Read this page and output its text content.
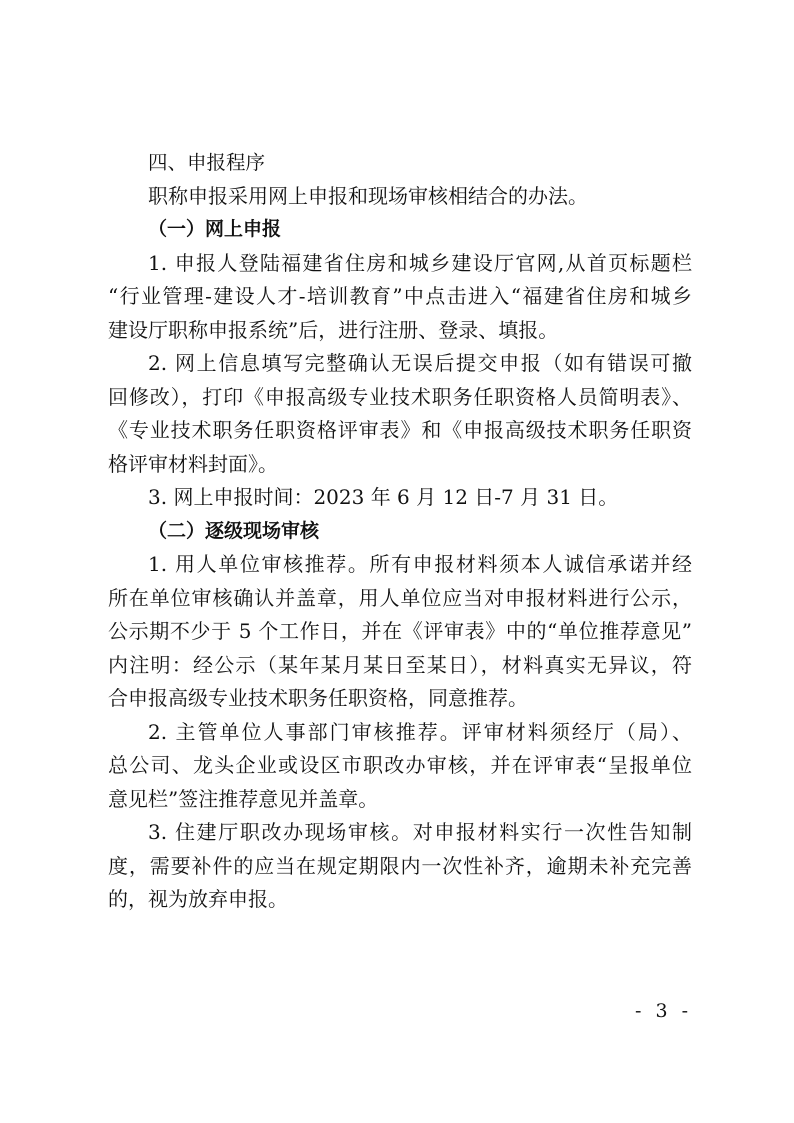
四、申报程序
职称申报采用网上申报和现场审核相结合的办法。
（一）网上申报
1. 申报人登陆福建省住房和城乡建设厅官网,从首页标题栏
“行业管理-建设人才-培训教育”中点击进入“福建省住房和城乡
建设厅职称申报系统”后，进行注册、登录、填报。
2. 网上信息填写完整确认无误后提交申报（如有错误可撤
回修改），打印《申报高级专业技术职务任职资格人员简明表》、
《专业技术职务任职资格评审表》和《申报高级技术职务任职资
格评审材料封面》。
3. 网上申报时间：2023 年 6 月 12 日-7 月 31 日。
（二）逐级现场审核
1. 用人单位审核推荐。所有申报材料须本人诚信承诺并经
所在单位审核确认并盖章，用人单位应当对申报材料进行公示，
公示期不少于 5 个工作日，并在《评审表》中的“单位推荐意见”
内注明：经公示（某年某月某日至某日），材料真实无异议，符
合申报高级专业技术职务任职资格，同意推荐。
2. 主管单位人事部门审核推荐。评审材料须经厅（局）、
总公司、龙头企业或设区市职改办审核，并在评审表“呈报单位
意见栏”签注推荐意见并盖章。
3. 住建厅职改办现场审核。对申报材料实行一次性告知制
度，需要补件的应当在规定期限内一次性补齐，逾期未补充完善
的，视为放弃申报。
- 3 -
